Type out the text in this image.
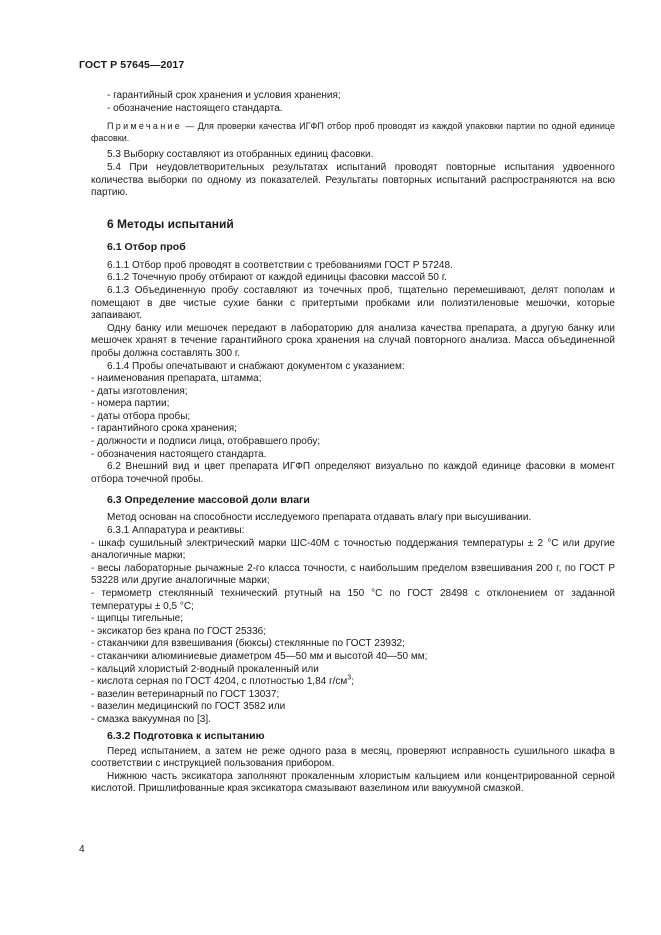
ГОСТ Р 57645—2017

- гарантийный срок хранения и условия хранения;

- обозначение настоящего стандарта.

Примечание — Для проверки качества ИГФП отбор проб проводят из каждой упаковки партии по одной единице фасовки.

5.3 Выборку составляют из отобранных единиц фасовки.

5.4 При неудовлетворительных результатах испытаний проводят повторные испытания удвоенного количества выборки по одному из показателей. Результаты повторных испытаний распространяются на всю партию.

6 Методы испытаний
6.1 Отбор проб

6.1.1 Отбор проб проводят в соответствии с требованиями ГОСТ Р 57248.

6.1.2 Точечную пробу отбирают от каждой единицы фасовки массой 50 г.

6.1.3 Объединенную пробу составляют из точечных проб, тщательно перемешивают, делят пополам и помещают в две чистые сухие банки с притертыми пробками или полиэтиленовые мешочки, которые запаивают.

Одну банку или мешочек передают в лабораторию для анализа качества препарата, а другую банку или мешочек хранят в течение гарантийного срока хранения на случай повторного анализа. Масса объединенной пробы должна составлять 300 г.

6.1.4 Пробы опечатывают и снабжают документом с указанием:

- наименования препарата, штамма;

- даты изготовления;

- номера партии;

- даты отбора пробы;

- гарантийного срока хранения;

- должности и подписи лица, отобравшего пробу;

- обозначения настоящего стандарта.

6.2 Внешний вид и цвет препарата ИГФП определяют визуально по каждой единице фасовки в момент отбора точечной пробы.

6.3 Определение массовой доли влаги

Метод основан на способности исследуемого препарата отдавать влагу при высушивании.

6.3.1 Аппаратура и реактивы:

- шкаф сушильный электрический марки ШС-40М с точностью поддержания температуры ± 2 °С или другие аналогичные марки;

- весы лабораторные рычажные 2-го класса точности, с наибольшим пределом взвешивания 200 г, по ГОСТ Р 53228 или другие аналогичные марки;

- термометр стеклянный технический ртутный на 150 °С по ГОСТ 28498 с отклонением от заданной температуры ± 0,5 °С;

- щипцы тигельные;

- эксикатор без крана по ГОСТ 25336;

- стаканчики для взвешивания (бюксы) стеклянные по ГОСТ 23932;

- стаканчики алюминиевые диаметром 45—50 мм и высотой 40—50 мм;

- кальций хлористый 2-водный прокаленный или

- кислота серная по ГОСТ 4204, с плотностью 1,84 $г/см^3$;

- вазелин ветеринарный по ГОСТ 13037;

- вазелин медицинский по ГОСТ 3582 или

- смазка вакуумная по [3].

6.3.2 Подготовка к испытанию

Перед испытанием, а затем не реже одного раза в месяц, проверяют исправность сушильного шкафа в соответствии с инструкцией пользования прибором.

Нижнюю часть эксикатора заполняют прокаленным хлористым кальцием или концентрированной серной кислотой. Пришлифованные края эксикатора смазывают вазелином или вакуумной смазкой.

4
